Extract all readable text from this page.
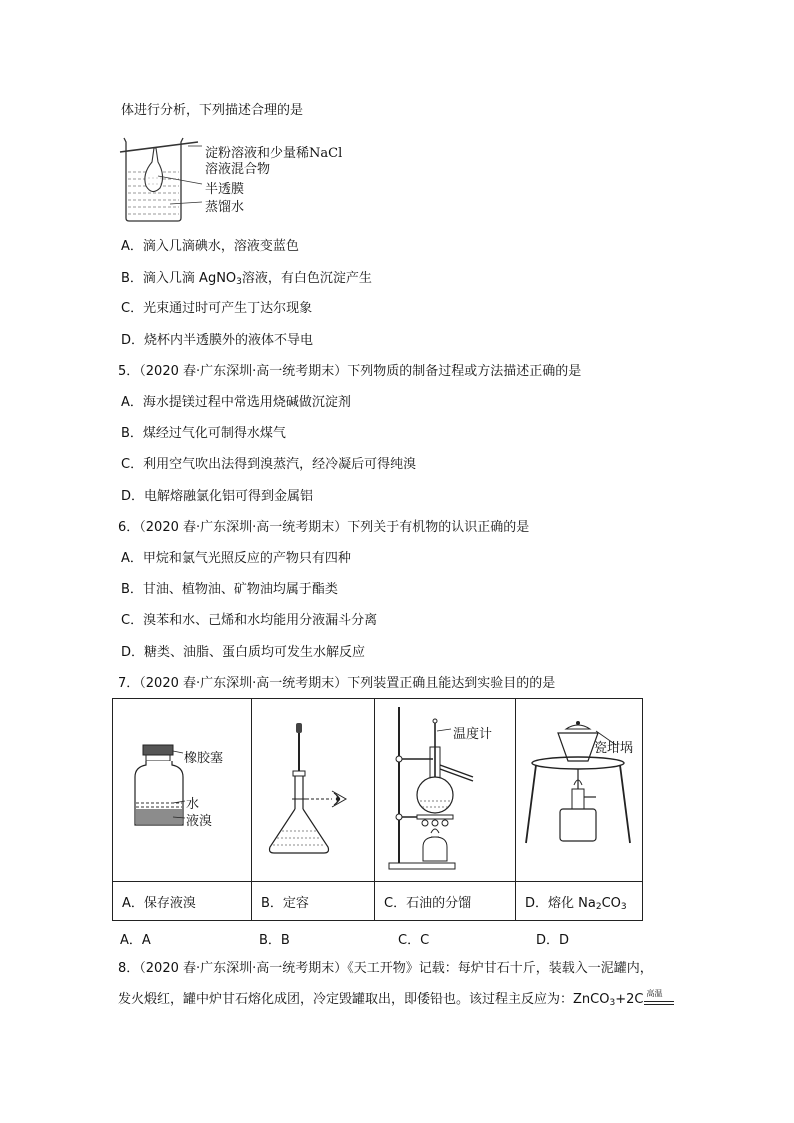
体进行分析，下列描述合理的是
淀粉溶液和少量稀NaCl
溶液混合物
半透膜
蒸馏水
A．滴入几滴碘水，溶液变蓝色
B．滴入几滴 AgNO$_3$溶液，有白色沉淀产生
C．光束通过时可产生丁达尔现象
D．烧杯内半透膜外的液体不导电
5．（2020 春·广东深圳·高一统考期末）下列物质的制备过程或方法描述正确的是
A．海水提镁过程中常选用烧碱做沉淀剂
B．煤经过气化可制得水煤气
C．利用空气吹出法得到溴蒸汽，经冷凝后可得纯溴
D．电解熔融氯化铝可得到金属铝
6．（2020 春·广东深圳·高一统考期末）下列关于有机物的认识正确的是
A．甲烷和氯气光照反应的产物只有四种
B．甘油、植物油、矿物油均属于酯类
C．溴苯和水、己烯和水均能用分液漏斗分离
D．糖类、油脂、蛋白质均可发生水解反应
7．（2020 春·广东深圳·高一统考期末）下列装置正确且能达到实验目的的是
橡胶塞
水
液溴		温度计	瓷坩埚

A．保存液溴	B．定容	C．石油的分馏	D．熔化 $Na_2CO_3$
A．A	B．B	C．C	D．D
8．（2020 春·广东深圳·高一统考期末）《天工开物》记载：每炉甘石十斤，装载入一泥罐内，
发火煅红，罐中炉甘石熔化成团，冷定毁罐取出，即倭铅也。该过程主反应为：ZnCO$_3$+2C 高温
